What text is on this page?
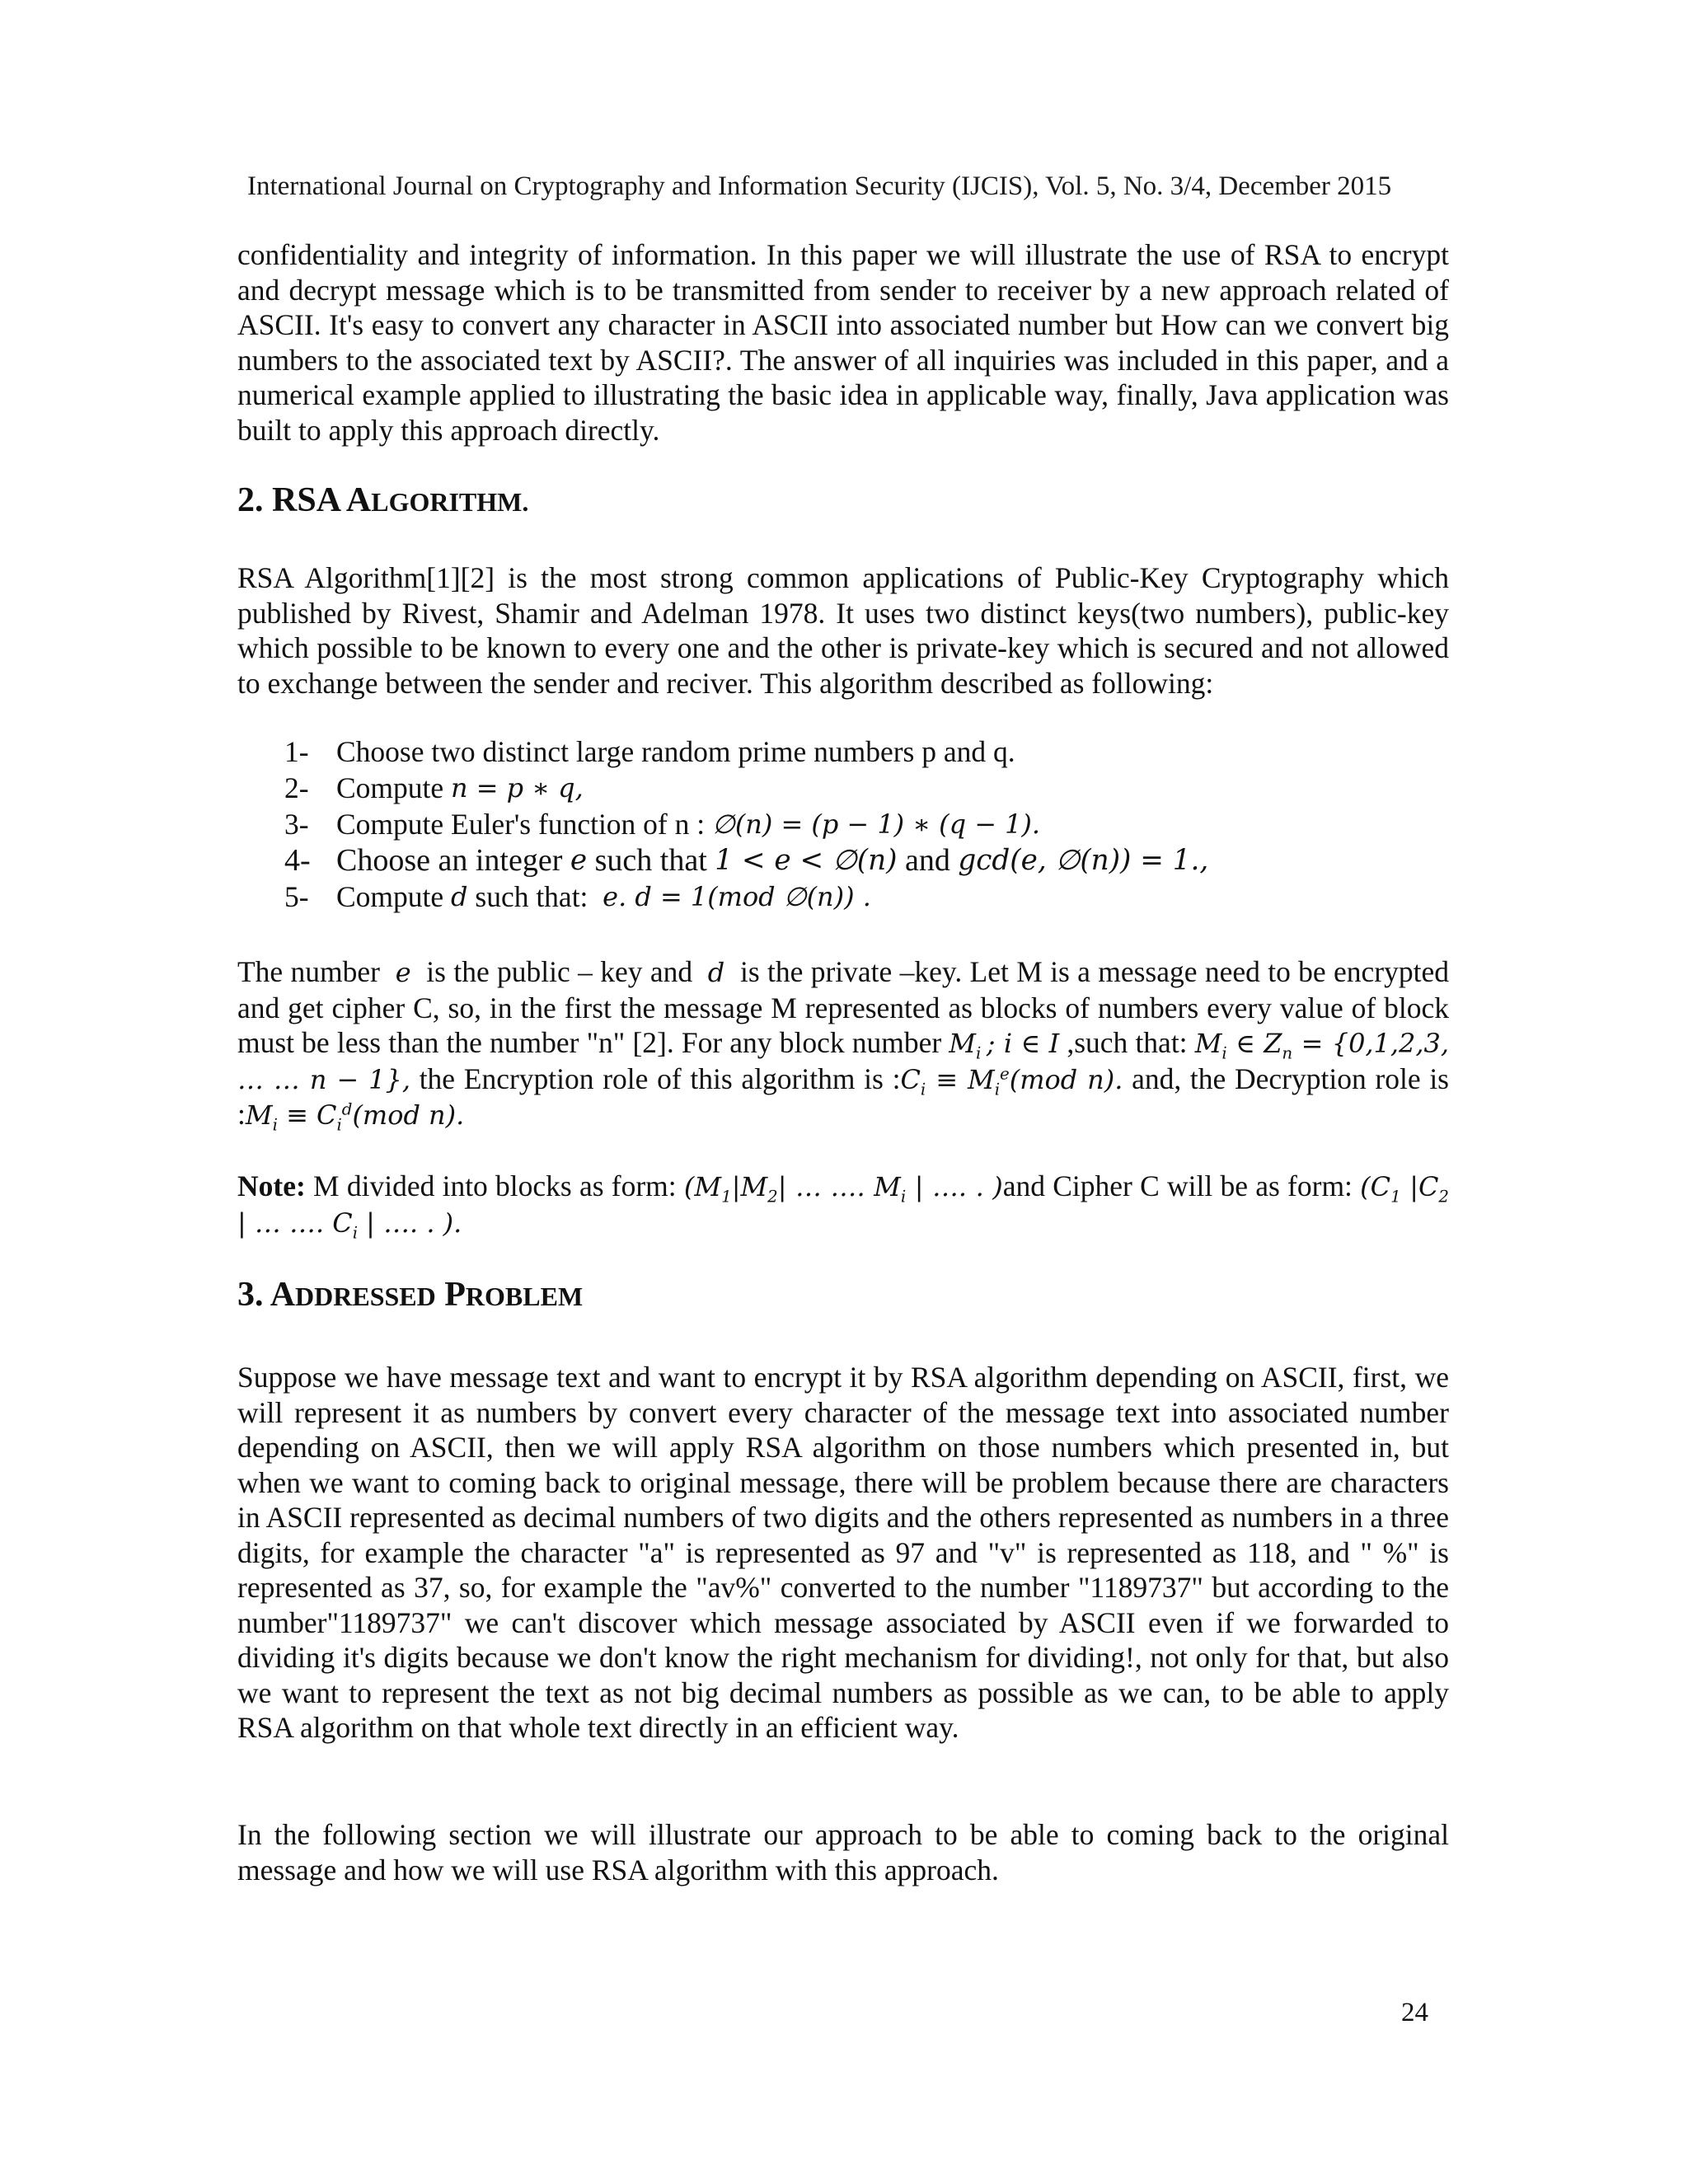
International Journal on Cryptography and Information Security (IJCIS), Vol. 5, No. 3/4, December 2015

confidentiality and integrity of information. In this paper we will illustrate the use of RSA to encrypt and decrypt message which is to be transmitted from sender to receiver by a new approach related of ASCII. It's easy to convert any character in ASCII into associated number but How can we convert big numbers to the associated text by ASCII?. The answer of all inquiries was included in this paper, and a numerical example applied to illustrating the basic idea in applicable way, finally, Java application was built to apply this approach directly.

2. RSA ALGORITHM.

RSA Algorithm[1][2] is the most strong common applications of Public-Key Cryptography which published by Rivest, Shamir and Adelman 1978. It uses two distinct keys(two numbers), public-key which possible to be known to every one and the other is private-key which is secured and not allowed to exchange between the sender and reciver. This algorithm described as following:

1- Choose two distinct large random prime numbers p and q.
2- Compute
n = p ∗ q,
3- Compute Euler's function of n :
∅(n) = (p − 1) ∗ (q − 1).
4- Choose an integer
e
such that
1 < e < ∅(n)
and
gcd(e, ∅(n)) = 1.,
5- Compute
d
such that:
e. d = 1(mod ∅(n)) .

The number e is the public – key and d is the private –key. Let M is a message need to be encrypted and get cipher C, so, in the first the message M represented as blocks of numbers every value of block must be less than the number "n" [2]. For any block number $M_i$  ; i ∈ I ,such that: $M_i$ ∈ $Z_n = \{0,1,2,3$, … … n − 1}, the Encryption role of this algorithm is $:C_i \equiv M_i^e(mod$ n). and, the Decryption role is $:M_i \equiv C_i^d(mod$ n).

Note: M divided into blocks as form: ($M_1|M_2|$ … …. $M_i$ | …. . )and Cipher C will be as form: ($C_1$ $|C_2$ | … …. $C_i$ | …. . ).

3. ADDRESSED PROBLEM

Suppose we have message text and want to encrypt it by RSA algorithm depending on ASCII, first, we will represent it as numbers by convert every character of the message text into associated number depending on ASCII, then we will apply RSA algorithm on those numbers which presented in, but when we want to coming back to original message, there will be problem because there are characters in ASCII represented as decimal numbers of two digits and the others represented as numbers in a three digits, for example the character "a" is represented as 97 and "v" is represented as 118, and " %" is represented as 37, so, for example the "av%" converted to the number "1189737" but according to the number"1189737" we can't discover which message associated by ASCII even if we forwarded to dividing it's digits because we don't know the right mechanism for dividing!, not only for that, but also we want to represent the text as not big decimal numbers as possible as we can, to be able to apply RSA algorithm on that whole text directly in an efficient way.

In the following section we will illustrate our approach to be able to coming back to the original message and how we will use RSA algorithm with this approach.

24
